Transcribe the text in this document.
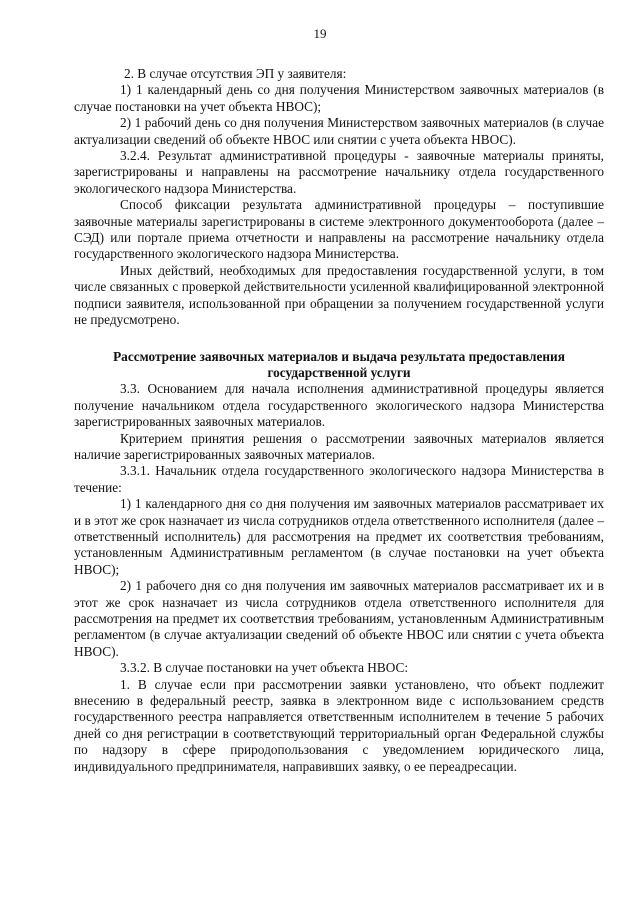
19

2. В случае отсутствия ЭП у заявителя:

1) 1 календарный день со дня получения Министерством заявочных материалов (в случае постановки на учет объекта НВОС);

2) 1 рабочий день со дня получения Министерством заявочных материалов (в случае актуализации сведений об объекте НВОС или снятии с учета объекта НВОС).

3.2.4. Результат административной процедуры - заявочные материалы приняты, зарегистрированы и направлены на рассмотрение начальнику отдела государственного экологического надзора Министерства.

Способ фиксации результата административной процедуры – поступившие заявочные материалы зарегистрированы в системе электронного документооборота (далее – СЭД) или портале приема отчетности и направлены на рассмотрение начальнику отдела государственного экологического надзора Министерства.

Иных действий, необходимых для предоставления государственной услуги, в том числе связанных с проверкой действительности усиленной квалифицированной электронной подписи заявителя, использованной при обращении за получением государственной услуги не предусмотрено.

Рассмотрение заявочных материалов и выдача результата предоставления государственной услуги

3.3. Основанием для начала исполнения административной процедуры является получение начальником отдела государственного экологического надзора Министерства зарегистрированных заявочных материалов.

Критерием принятия решения о рассмотрении заявочных материалов является наличие зарегистрированных заявочных материалов.

3.3.1. Начальник отдела государственного экологического надзора Министерства в течение:

1) 1 календарного дня со дня получения им заявочных материалов рассматривает их и в этот же срок назначает из числа сотрудников отдела ответственного исполнителя (далее – ответственный исполнитель) для рассмотрения на предмет их соответствия требованиям, установленным Административным регламентом (в случае постановки на учет объекта НВОС);

2) 1 рабочего дня со дня получения им заявочных материалов рассматривает их и в этот же срок назначает из числа сотрудников отдела ответственного исполнителя для рассмотрения на предмет их соответствия требованиям, установленным Административным регламентом (в случае актуализации сведений об объекте НВОС или снятии с учета объекта НВОС).

3.3.2. В случае постановки на учет объекта НВОС:

1. В случае если при рассмотрении заявки установлено, что объект подлежит внесению в федеральный реестр, заявка в электронном виде с использованием средств государственного реестра направляется ответственным исполнителем в течение 5 рабочих дней со дня регистрации в соответствующий территориальный орган Федеральной службы по надзору в сфере природопользования с уведомлением юридического лица, индивидуального предпринимателя, направивших заявку, о ее переадресации.
